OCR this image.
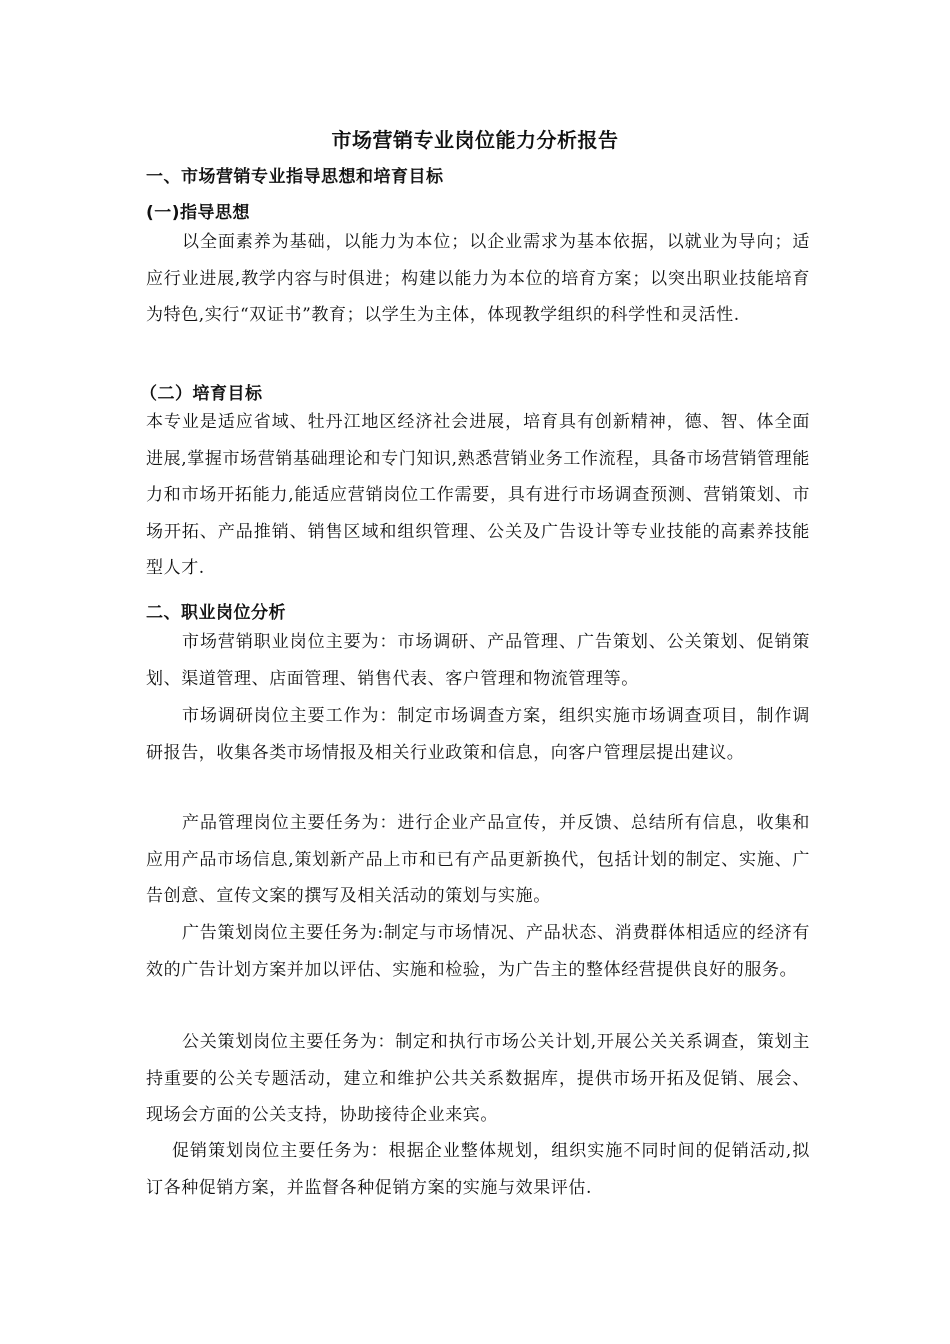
市场营销专业岗位能力分析报告
一、市场营销专业指导思想和培育目标
(一)指导思想

以全面素养为基础，以能力为本位；以企业需求为基本依据，以就业为导向；适应行业进展,教学内容与时俱进；构建以能力为本位的培育方案；以突出职业技能培育为特色,实行“双证书”教育；以学生为主体，体现教学组织的科学性和灵活性.

（二）培育目标

本专业是适应省域、牡丹江地区经济社会进展，培育具有创新精神，德、智、体全面进展,掌握市场营销基础理论和专门知识,熟悉营销业务工作流程，具备市场营销管理能力和市场开拓能力,能适应营销岗位工作需要，具有进行市场调查预测、营销策划、市场开拓、产品推销、销售区域和组织管理、公关及广告设计等专业技能的高素养技能型人才.

二、职业岗位分析

市场营销职业岗位主要为：市场调研、产品管理、广告策划、公关策划、促销策划、渠道管理、店面管理、销售代表、客户管理和物流管理等。

市场调研岗位主要工作为：制定市场调查方案，组织实施市场调查项目，制作调研报告，收集各类市场情报及相关行业政策和信息，向客户管理层提出建议。

产品管理岗位主要任务为：进行企业产品宣传，并反馈、总结所有信息，收集和应用产品市场信息,策划新产品上市和已有产品更新换代，包括计划的制定、实施、广告创意、宣传文案的撰写及相关活动的策划与实施。

广告策划岗位主要任务为:制定与市场情况、产品状态、消费群体相适应的经济有效的广告计划方案并加以评估、实施和检验，为广告主的整体经营提供良好的服务。

公关策划岗位主要任务为：制定和执行市场公关计划,开展公关关系调查，策划主持重要的公关专题活动，建立和维护公共关系数据库，提供市场开拓及促销、展会、现场会方面的公关支持，协助接待企业来宾。

促销策划岗位主要任务为：根据企业整体规划，组织实施不同时间的促销活动,拟订各种促销方案，并监督各种促销方案的实施与效果评估.
